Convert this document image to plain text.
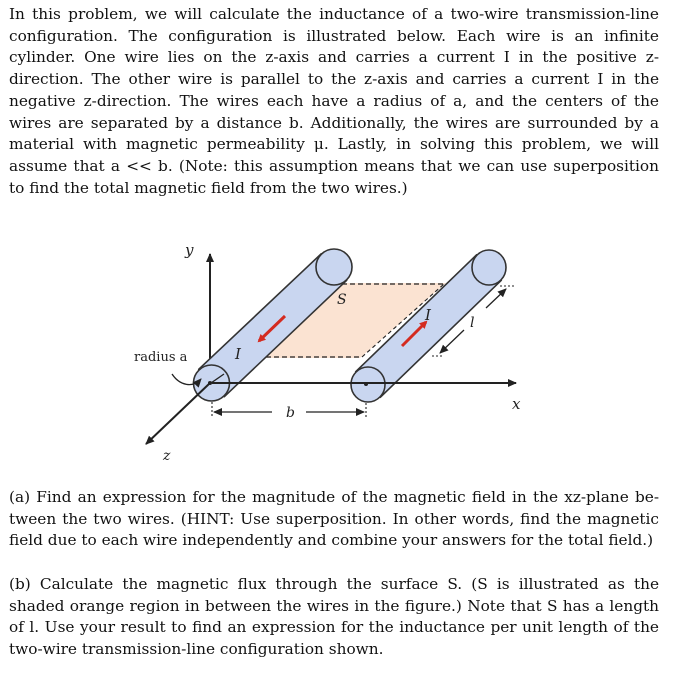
In this problem, we will calculate the inductance of a two-wire transmission-line configuration. The configuration is illustrated below. Each wire is an infinite cylinder. One wire lies on the z-axis and carries a current I in the positive z-direction. The other wire is parallel to the z-axis and carries a current I in the negative z-direction. The wires each have a radius of a, and the centers of the wires are separated by a distance b. Additionally, the wires are surrounded by a material with magnetic permeability μ. Lastly, in solving this problem, we will assume that a << b. (Note: this assumption means that we can use superposition to find the total magnetic field from the two wires.)
y
x
z
radius a
b
S
I
I	l
(a) Find an expression for the magnitude of the magnetic field in the xz-plane between the two wires. (HINT: Use superposition. In other words, find the magnetic field due to each wire independently and combine your answers for the total field.)
(b) Calculate the magnetic flux through the surface S. (S is illustrated as the shaded orange region in between the wires in the figure.) Note that S has a length of l. Use your result to find an expression for the inductance per unit length of the two-wire transmission-line configuration shown.
